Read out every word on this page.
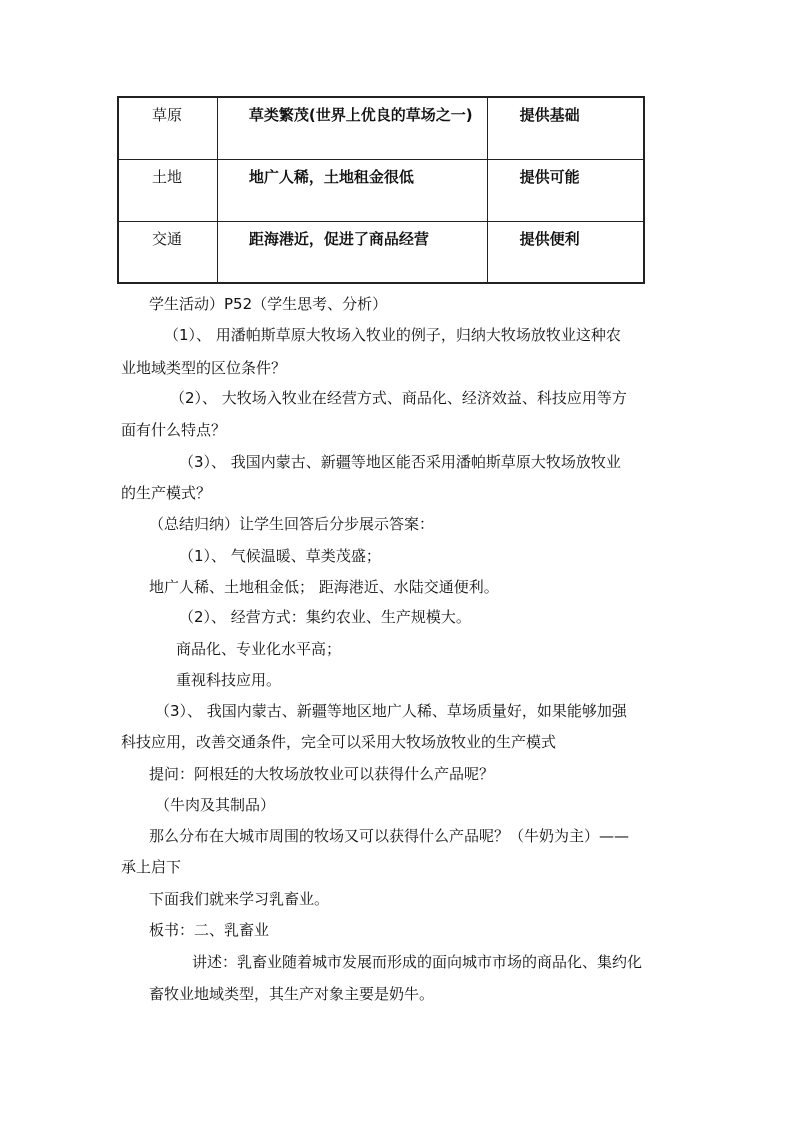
草原	草类繁茂(世界上优良的草场之一)	提供基础
土地	地广人稀，土地租金很低	提供可能
交通	距海港近，促进了商品经营	提供便利
学生活动）P52（学生思考、分析）
（1）、 用潘帕斯草原大牧场入牧业的例子，归纳大牧场放牧业这种农
业地域类型的区位条件？
（2）、 大牧场入牧业在经营方式、商品化、经济效益、科技应用等方
面有什么特点？
（3）、 我国内蒙古、新疆等地区能否采用潘帕斯草原大牧场放牧业
的生产模式？
（总结归纳）让学生回答后分步展示答案：
（1）、 气候温暖、草类茂盛；
地广人稀、土地租金低； 距海港近、水陆交通便利。
（2）、 经营方式：集约农业、生产规模大。
商品化、专业化水平高；
重视科技应用。
（3）、 我国内蒙古、新疆等地区地广人稀、草场质量好，如果能够加强
科技应用，改善交通条件，完全可以采用大牧场放牧业的生产模式
提问：阿根廷的大牧场放牧业可以获得什么产品呢？
（牛肉及其制品）
那么分布在大城市周围的牧场又可以获得什么产品呢？（牛奶为主）——
承上启下
下面我们就来学习乳畜业。
板书：二、乳畜业
讲述：乳畜业随着城市发展而形成的面向城市市场的商品化、集约化
畜牧业地域类型，其生产对象主要是奶牛。
